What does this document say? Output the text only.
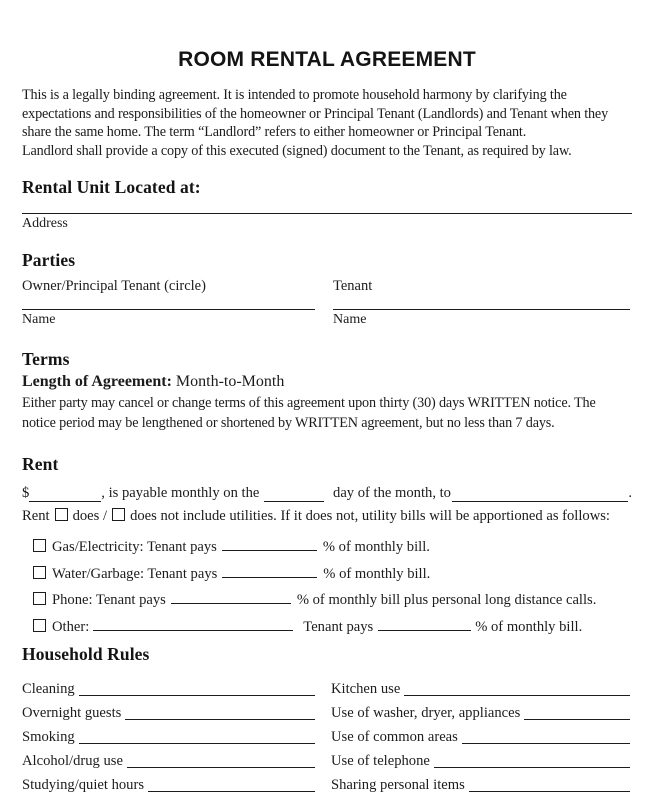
ROOM RENTAL AGREEMENT
This is a legally binding agreement. It is intended to promote household harmony by clarifying the
expectations and responsibilities of the homeowner or Principal Tenant (Landlords) and Tenant when they
share the same home. The term “Landlord” refers to either homeowner or Principal Tenant.
Landlord shall provide a copy of this executed (signed) document to the Tenant, as required by law.
Rental Unit Located at:
Address
Parties
Owner/Principal Tenant (circle)
Name
Tenant
Name
Terms
Length of Agreement: Month-to-Month
Either party may cancel or change terms of this agreement upon thirty (30) days WRITTEN notice. The
notice period may be lengthened or shortened by WRITTEN agreement, but no less than 7 days.
Rent
$	, is payable monthly on the	day of the month, to	.
Rent does / does not include utilities. If it does not, utility bills will be apportioned as follows:
Gas/Electricity: Tenant pays	% of monthly bill.
Water/Garbage: Tenant pays	% of monthly bill.
Phone: Tenant pays	% of monthly bill plus personal long distance calls.
Other:	Tenant pays	% of monthly bill.
Household Rules
Cleaning	Kitchen use
Overnight guests	Use of washer, dryer, appliances
Smoking	Use of common areas
Alcohol/drug use	Use of telephone
Studying/quiet hours	Sharing personal items
